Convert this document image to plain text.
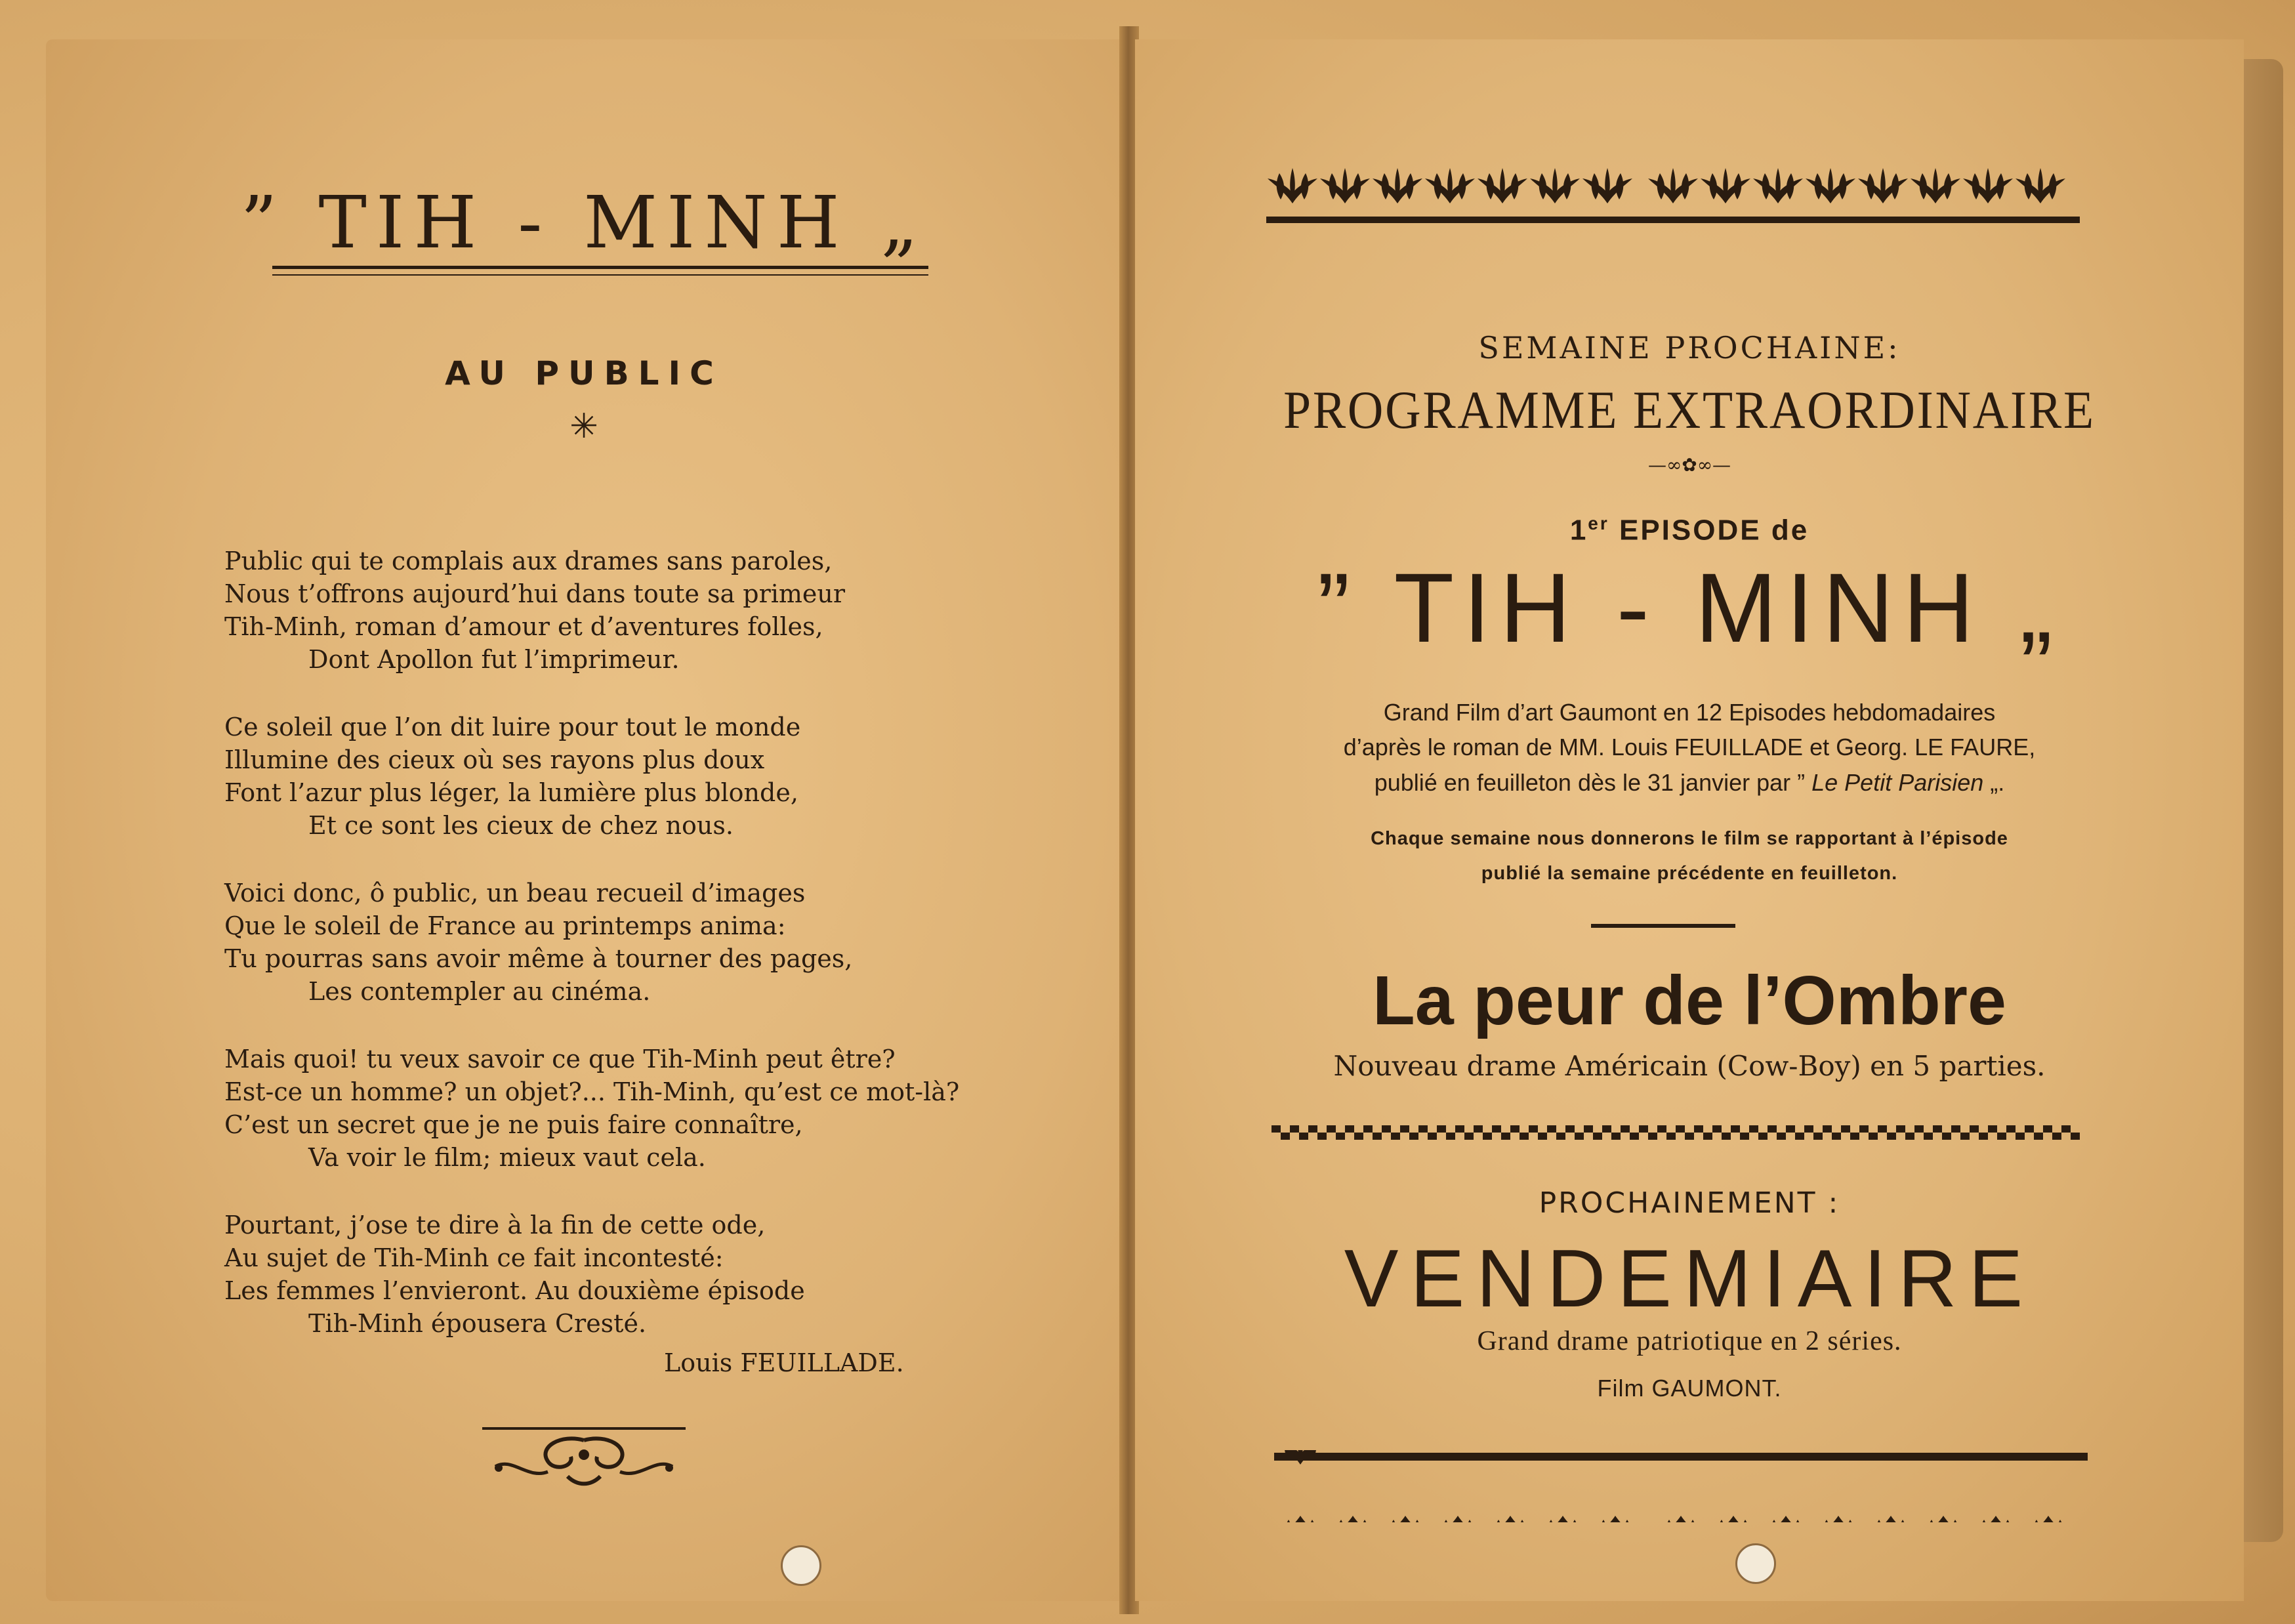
” TIH - MINH „
AU PUBLIC
✳
Public qui te complais aux drames sans paroles,
Nous t’offrons aujourd’hui dans toute sa primeur
Tih-Minh, roman d’amour et d’aventures folles,
Dont Apollon fut l’imprimeur.
Ce soleil que l’on dit luire pour tout le monde
Illumine des cieux où ses rayons plus doux
Font l’azur plus léger, la lumière plus blonde,
Et ce sont les cieux de chez nous.
Voici donc, ô public, un beau recueil d’images
Que le soleil de France au printemps anima:
Tu pourras sans avoir même à tourner des pages,
Les contempler au cinéma.
Mais quoi! tu veux savoir ce que Tih-Minh peut être?
Est-ce un homme? un objet?... Tih-Minh, qu’est ce mot-là?
C’est un secret que je ne puis faire connaître,
Va voir le film; mieux vaut cela.
Pourtant, j’ose te dire à la fin de cette ode,
Au sujet de Tih-Minh ce fait incontesté:
Les femmes l’envieront. Au douxième épisode
Tih-Minh épousera Cresté.
Louis FEUILLADE.
SEMAINE PROCHAINE:
PROGRAMME EXTRAORDINAIRE
—∞✿∞—
1er EPISODE de
” TIH - MINH „
Grand Film d’art Gaumont en 12 Episodes hebdomadaires
d’après le roman de MM. Louis FEUILLADE et Georg. LE FAURE,
publié en feuilleton dès le 31 janvier par ” Le Petit Parisien „.
Chaque semaine nous donnerons le film se rapportant à l’épisode
publié la semaine précédente en feuilleton.
La peur de l’Ombre
Nouveau drame Américain (Cow-Boy) en 5 parties.
PROCHAINEMENT :
VENDEMIAIRE
Grand drame patriotique en 2 séries.
Film GAUMONT.
